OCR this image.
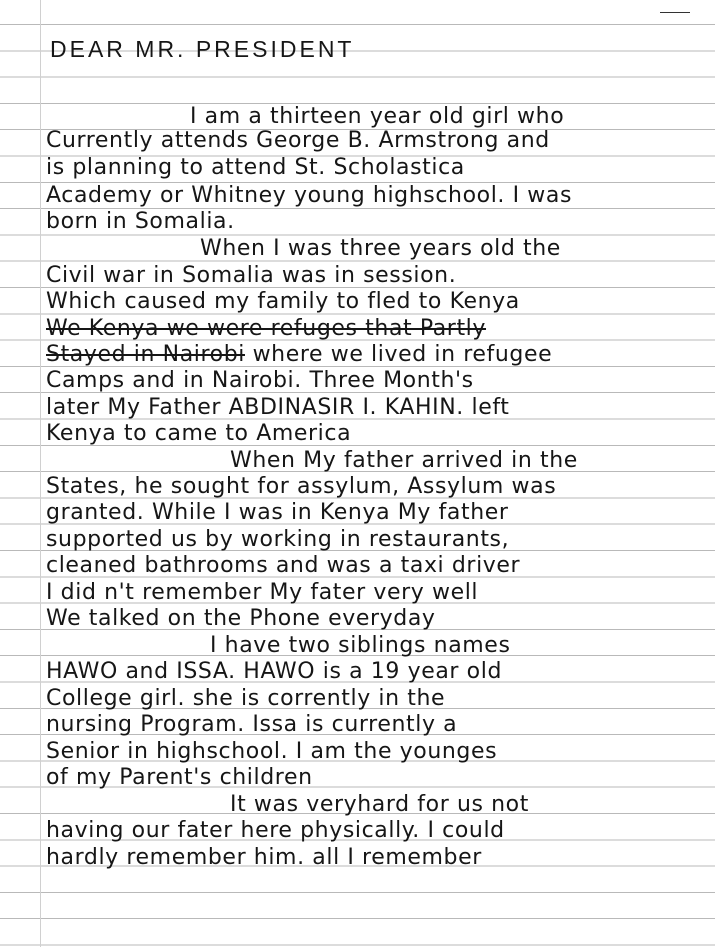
DEAR MR. PRESIDENT
I am a thirteen year old girl who
Currently attends George B. Armstrong and
is planning to attend St. Scholastica
Academy or Whitney young highschool. I was
born in Somalia.
When I was three years old the
Civil war in Somalia was in session.
Which caused my family to fled to Kenya
We Kenya we were refuges that Partly
Stayed in Nairobi where we lived in refugee
Camps and in Nairobi. Three Month's
later My Father ABDINASIR I. KAHIN. left
Kenya to came to America
When My father arrived in the
States, he sought for assylum, Assylum was
granted. While I was in Kenya My father
supported us by working in restaurants,
cleaned bathrooms and was a taxi driver
I did n't remember My fater very well
We talked on the Phone everyday
I have two siblings names
HAWO and ISSA. HAWO is a 19 year old
College girl. she is corrently in the
nursing Program. Issa is currently a
Senior in highschool. I am the younges
of my Parent's children
It was veryhard for us not
having our fater here physically. I could
hardly remember him. all I remember
